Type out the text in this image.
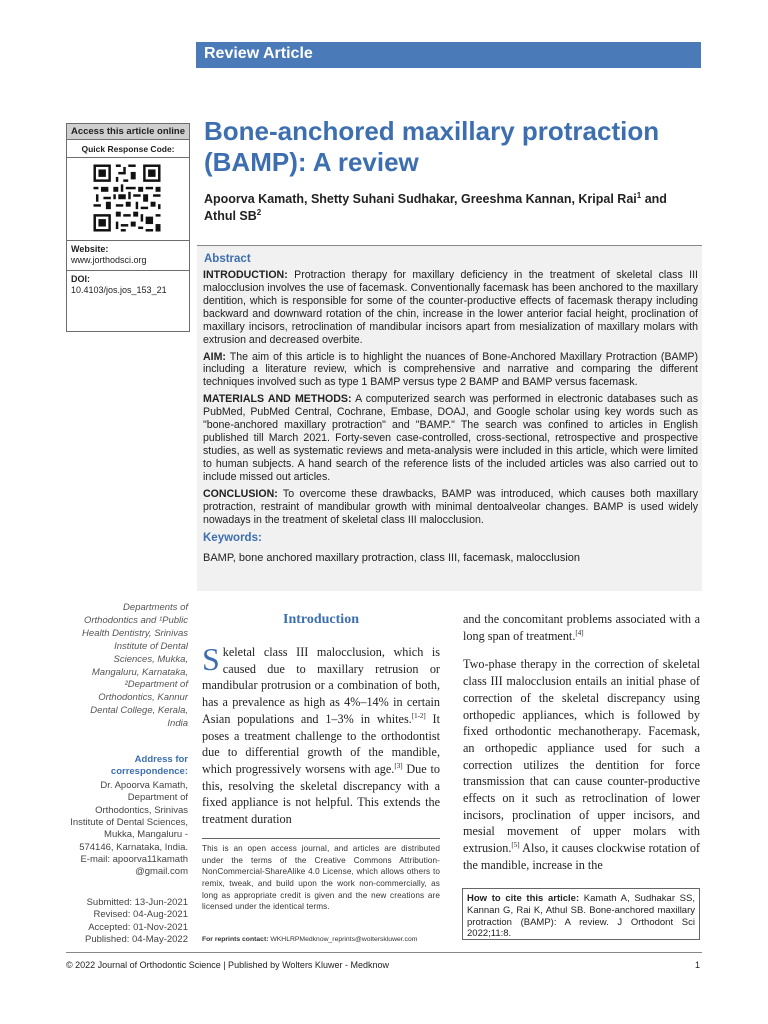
Review Article
Access this article online
Quick Response Code:
Website:
www.jorthodsci.org
DOI:
10.4103/jos.jos_153_21
Bone-anchored maxillary protraction (BAMP): A review
Apoorva Kamath, Shetty Suhani Sudhakar, Greeshma Kannan, Kripal Rai$^1$ and Athul $SB^2$
Abstract

INTRODUCTION: Protraction therapy for maxillary deficiency in the treatment of skeletal class III malocclusion involves the use of facemask. Conventionally facemask has been anchored to the maxillary dentition, which is responsible for some of the counter-productive effects of facemask therapy including backward and downward rotation of the chin, increase in the lower anterior facial height, proclination of maxillary incisors, retroclination of mandibular incisors apart from mesialization of maxillary molars with extrusion and decreased overbite.

AIM: The aim of this article is to highlight the nuances of Bone-Anchored Maxillary Protraction (BAMP) including a literature review, which is comprehensive and narrative and comparing the different techniques involved such as type 1 BAMP versus type 2 BAMP and BAMP versus facemask.

MATERIALS AND METHODS: A computerized search was performed in electronic databases such as PubMed, PubMed Central, Cochrane, Embase, DOAJ, and Google scholar using key words such as "bone-anchored maxillary protraction" and "BAMP." The search was confined to articles in English published till March 2021. Forty-seven case-controlled, cross-sectional, retrospective and prospective studies, as well as systematic reviews and meta-analysis were included in this article, which were limited to human subjects. A hand search of the reference lists of the included articles was also carried out to include missed out articles.

CONCLUSION: To overcome these drawbacks, BAMP was introduced, which causes both maxillary protraction, restraint of mandibular growth with minimal dentoalveolar changes. BAMP is used widely nowadays in the treatment of skeletal class III malocclusion.

Keywords:
BAMP, bone anchored maxillary protraction, class III, facemask, malocclusion
Departments of Orthodontics and ¹Public Health Dentistry, Srinivas Institute of Dental Sciences, Mukka, Mangaluru, Karnataka, ²Department of Orthodontics, Kannur Dental College, Kerala, India
Address for correspondence:
Dr. Apoorva Kamath, Department of Orthodontics, Srinivas Institute of Dental Sciences, Mukka, Mangaluru - 574146, Karnataka, India. E-mail: apoorva11kamath @gmail.com
Submitted: 13-Jun-2021
Revised: 04-Aug-2021
Accepted: 01-Nov-2021
Published: 04-May-2022
Introduction
Skeletal class III malocclusion, which is caused due to maxillary retrusion or mandibular protrusion or a combination of both, has a prevalence as high as 4%–14% in certain Asian populations and 1–3% in whites.[1-2] It poses a treatment challenge to the orthodontist due to differential growth of the mandible, which progressively worsens with age.[3] Due to this, resolving the skeletal discrepancy with a fixed appliance is not helpful. This extends the treatment duration
This is an open access journal, and articles are distributed under the terms of the Creative Commons Attribution-NonCommercial-ShareAlike 4.0 License, which allows others to remix, tweak, and build upon the work non-commercially, as long as appropriate credit is given and the new creations are licensed under the identical terms.
For reprints contact: WKHLRPMedknow_reprints@wolterskluwer.com

and the concomitant problems associated with a long span of treatment.[4]

Two-phase therapy in the correction of skeletal class III malocclusion entails an initial phase of correction of the skeletal discrepancy using orthopedic appliances, which is followed by fixed orthodontic mechanotherapy. Facemask, an orthopedic appliance used for such a correction utilizes the dentition for force transmission that can cause counter-productive effects on it such as retroclination of lower incisors, proclination of upper incisors, and mesial movement of upper molars with extrusion.[5] Also, it causes clockwise rotation of the mandible, increase in the

How to cite this article: Kamath A, Sudhakar SS, Kannan G, Rai K, Athul SB. Bone-anchored maxillary protraction (BAMP): A review. J Orthodont Sci 2022;11:8.
© 2022 Journal of Orthodontic Science | Published by Wolters Kluwer - Medknow	1
